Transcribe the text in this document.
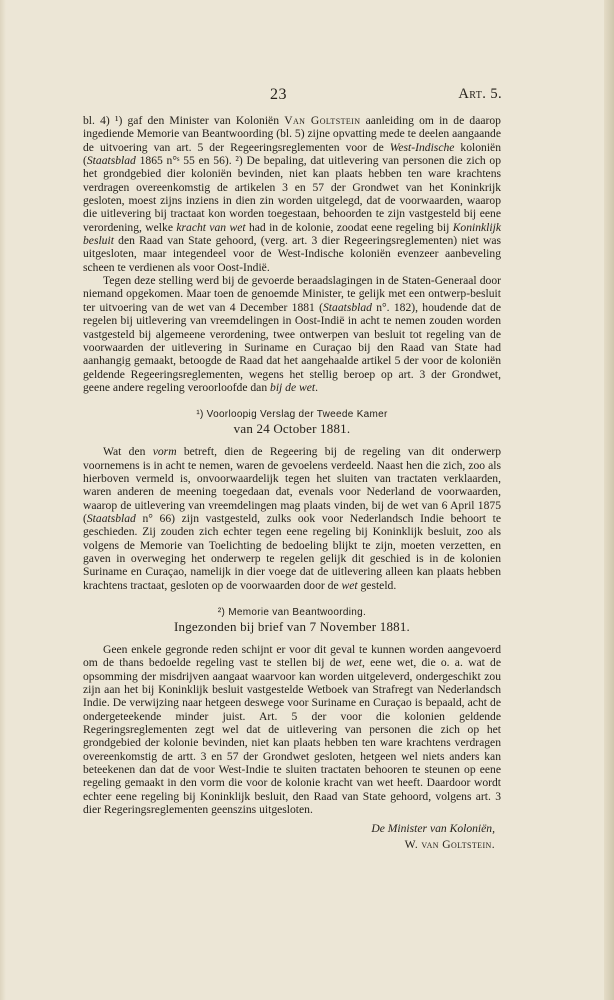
23	Art. 5.

bl. 4) ¹) gaf den Minister van Koloniën Van Goltstein aanleiding om in de daarop ingediende Memorie van Beantwoording (bl. 5) zijne opvatting mede te deelen aangaande de uitvoering van art. 5 der Regeeringsreglementen voor de West-Indische koloniën (Staatsblad 1865 n°ˢ 55 en 56). ²) De bepaling, dat uitlevering van personen die zich op het grondgebied dier koloniën bevinden, niet kan plaats hebben ten ware krachtens verdragen overeenkomstig de artikelen 3 en 57 der Grondwet van het Koninkrijk gesloten, moest zijns inziens in dien zin worden uitgelegd, dat de voorwaarden, waarop die uitlevering bij tractaat kon worden toegestaan, behoorden te zijn vastgesteld bij eene verordening, welke kracht van wet had in de kolonie, zoodat eene regeling bij Koninklijk besluit den Raad van State gehoord, (verg. art. 3 dier Regeeringsreglementen) niet was uitgesloten, maar integendeel voor de West-Indische koloniën evenzeer aanbeveling scheen te verdienen als voor Oost-Indië.

Tegen deze stelling werd bij de gevoerde beraadslagingen in de Staten-Generaal door niemand opgekomen. Maar toen de genoemde Minister, te gelijk met een ontwerp-besluit ter uitvoering van de wet van 4 December 1881 (Staatsblad n°. 182), houdende dat de regelen bij uitlevering van vreemdelingen in Oost-Indië in acht te nemen zouden worden vastgesteld bij algemeene verordening, twee ontwerpen van besluit tot regeling van de voorwaarden der uitlevering in Suriname en Curaçao bij den Raad van State had aanhangig gemaakt, betoogde de Raad dat het aangehaalde artikel 5 der voor de koloniën geldende Regeeringsreglementen, wegens het stellig beroep op art. 3 der Grondwet, geene andere regeling veroorloofde dan bij de wet.

¹) Voorloopig Verslag der Tweede Kamer

van 24 October 1881.

Wat den vorm betreft, dien de Regeering bij de regeling van dit onderwerp voornemens is in acht te nemen, waren de gevoelens verdeeld. Naast hen die zich, zoo als hierboven vermeld is, onvoorwaardelijk tegen het sluiten van tractaten verklaarden, waren anderen de meening toegedaan dat, evenals voor Nederland de voorwaarden, waarop de uitlevering van vreemdelingen mag plaats vinden, bij de wet van 6 April 1875 (Staatsblad n° 66) zijn vastgesteld, zulks ook voor Nederlandsch Indie behoort te geschieden. Zij zouden zich echter tegen eene regeling bij Koninklijk besluit, zoo als volgens de Memorie van Toelichting de bedoeling blijkt te zijn, moeten verzetten, en gaven in overweging het onderwerp te regelen gelijk dit geschied is in de kolonien Suriname en Curaçao, namelijk in dier voege dat de uitlevering alleen kan plaats hebben krachtens tractaat, gesloten op de voorwaarden door de wet gesteld.

²) Memorie van Beantwoording.

Ingezonden bij brief van 7 November 1881.

Geen enkele gegronde reden schijnt er voor dit geval te kunnen worden aangevoerd om de thans bedoelde regeling vast te stellen bij de wet, eene wet, die o. a. wat de opsomming der misdrijven aangaat waarvoor kan worden uitgeleverd, ondergeschikt zou zijn aan het bij Koninklijk besluit vastgestelde Wetboek van Strafregt van Nederlandsch Indie. De verwijzing naar hetgeen deswege voor Suriname en Curaçao is bepaald, acht de ondergeteekende minder juist. Art. 5 der voor die kolonien geldende Regeringsreglementen zegt wel dat de uitlevering van personen die zich op het grondgebied der kolonie bevinden, niet kan plaats hebben ten ware krachtens verdragen overeenkomstig de artt. 3 en 57 der Grondwet gesloten, hetgeen wel niets anders kan beteekenen dan dat de voor West-Indie te sluiten tractaten behooren te steunen op eene regeling gemaakt in den vorm die voor de kolonie kracht van wet heeft. Daardoor wordt echter eene regeling bij Koninklijk besluit, den Raad van State gehoord, volgens art. 3 dier Regeringsreglementen geenszins uitgesloten.

De Minister van Koloniën,
W. van Goltstein.
